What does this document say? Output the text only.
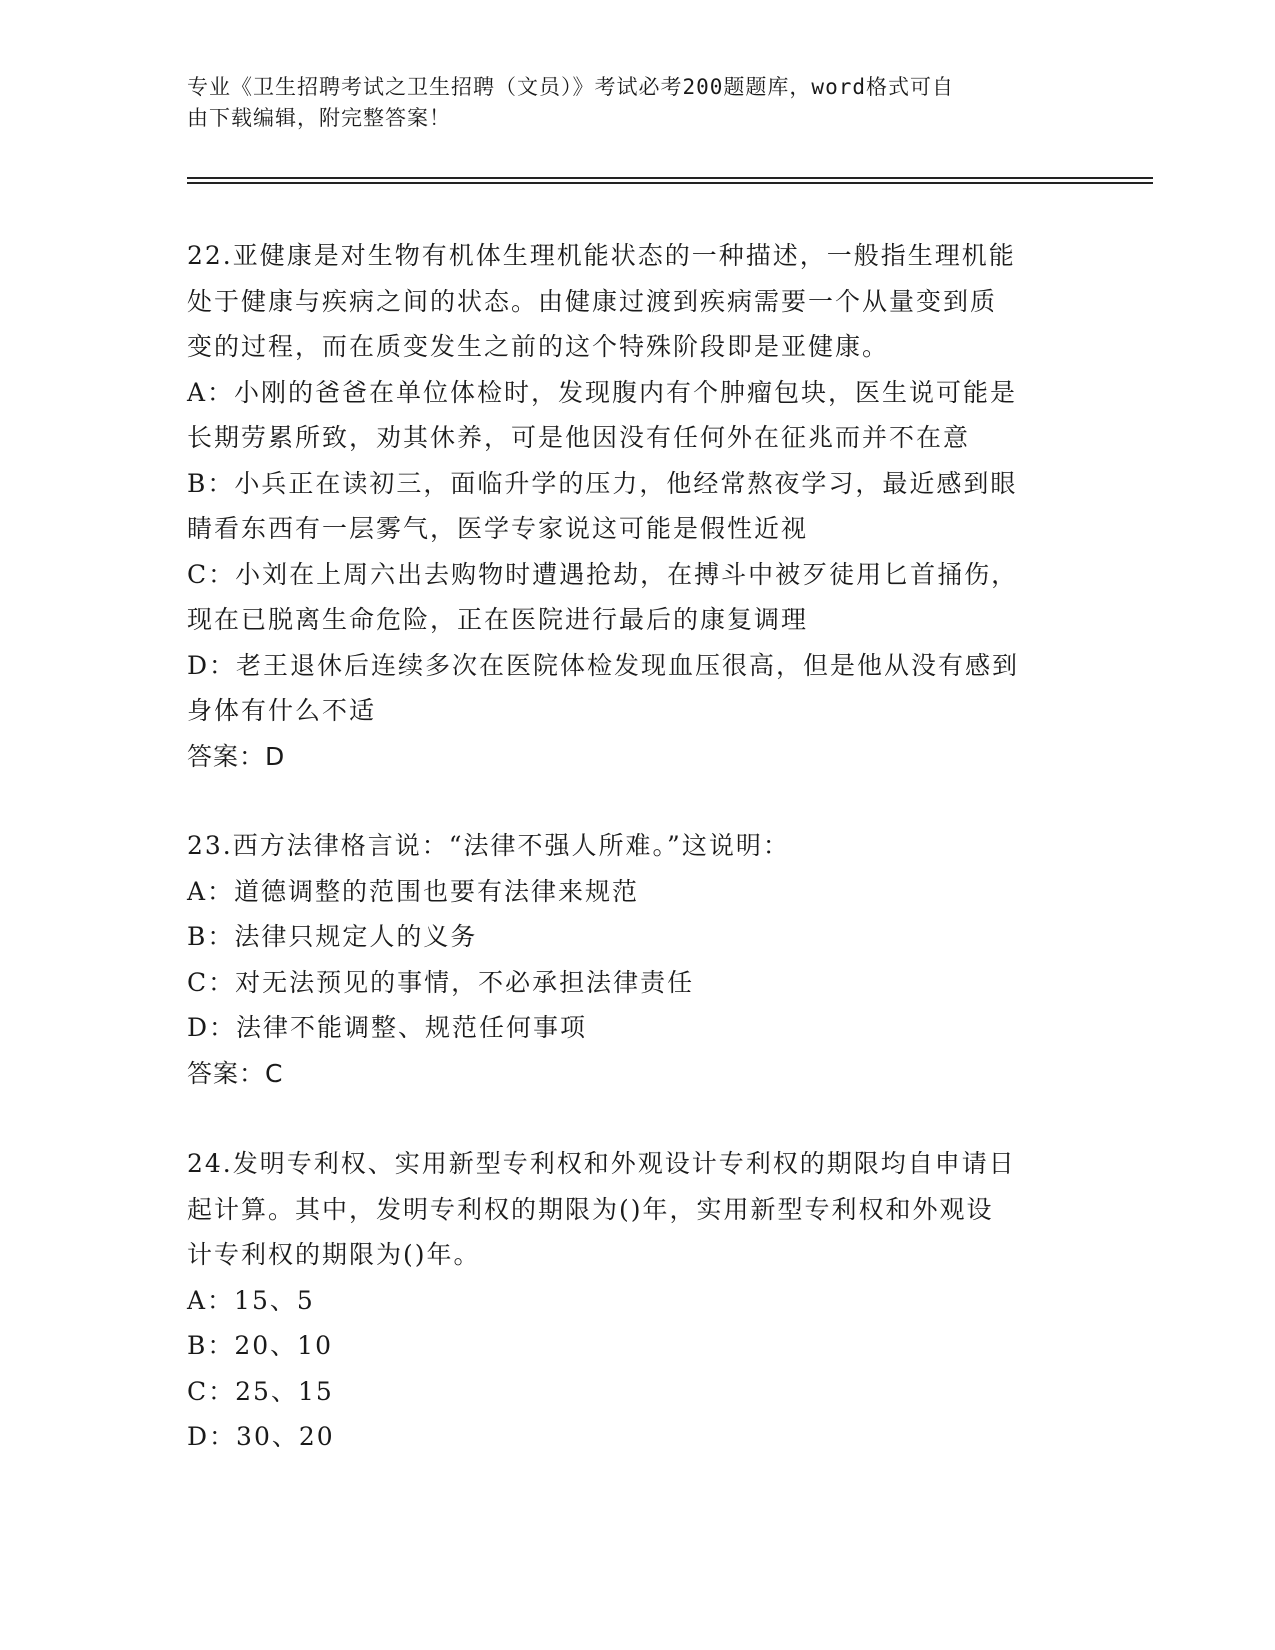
专业《卫生招聘考试之卫生招聘（文员）》考试必考200题题库，word格式可自
由下载编辑，附完整答案！
22.亚健康是对生物有机体生理机能状态的一种描述，一般指生理机能
处于健康与疾病之间的状态。由健康过渡到疾病需要一个从量变到质
变的过程，而在质变发生之前的这个特殊阶段即是亚健康。
A：小刚的爸爸在单位体检时，发现腹内有个肿瘤包块，医生说可能是
长期劳累所致，劝其休养，可是他因没有任何外在征兆而并不在意
B：小兵正在读初三，面临升学的压力，他经常熬夜学习，最近感到眼
睛看东西有一层雾气，医学专家说这可能是假性近视
C：小刘在上周六出去购物时遭遇抢劫，在搏斗中被歹徒用匕首捅伤，
现在已脱离生命危险，正在医院进行最后的康复调理
D：老王退休后连续多次在医院体检发现血压很高，但是他从没有感到
身体有什么不适
答案：D
23.西方法律格言说：“法律不强人所难。”这说明：
A：道德调整的范围也要有法律来规范
B：法律只规定人的义务
C：对无法预见的事情，不必承担法律责任
D：法律不能调整、规范任何事项
答案：C
24.发明专利权、实用新型专利权和外观设计专利权的期限均自申请日
起计算。其中，发明专利权的期限为()年，实用新型专利权和外观设
计专利权的期限为()年。
A：15、5
B：20、10
C：25、15
D：30、20
